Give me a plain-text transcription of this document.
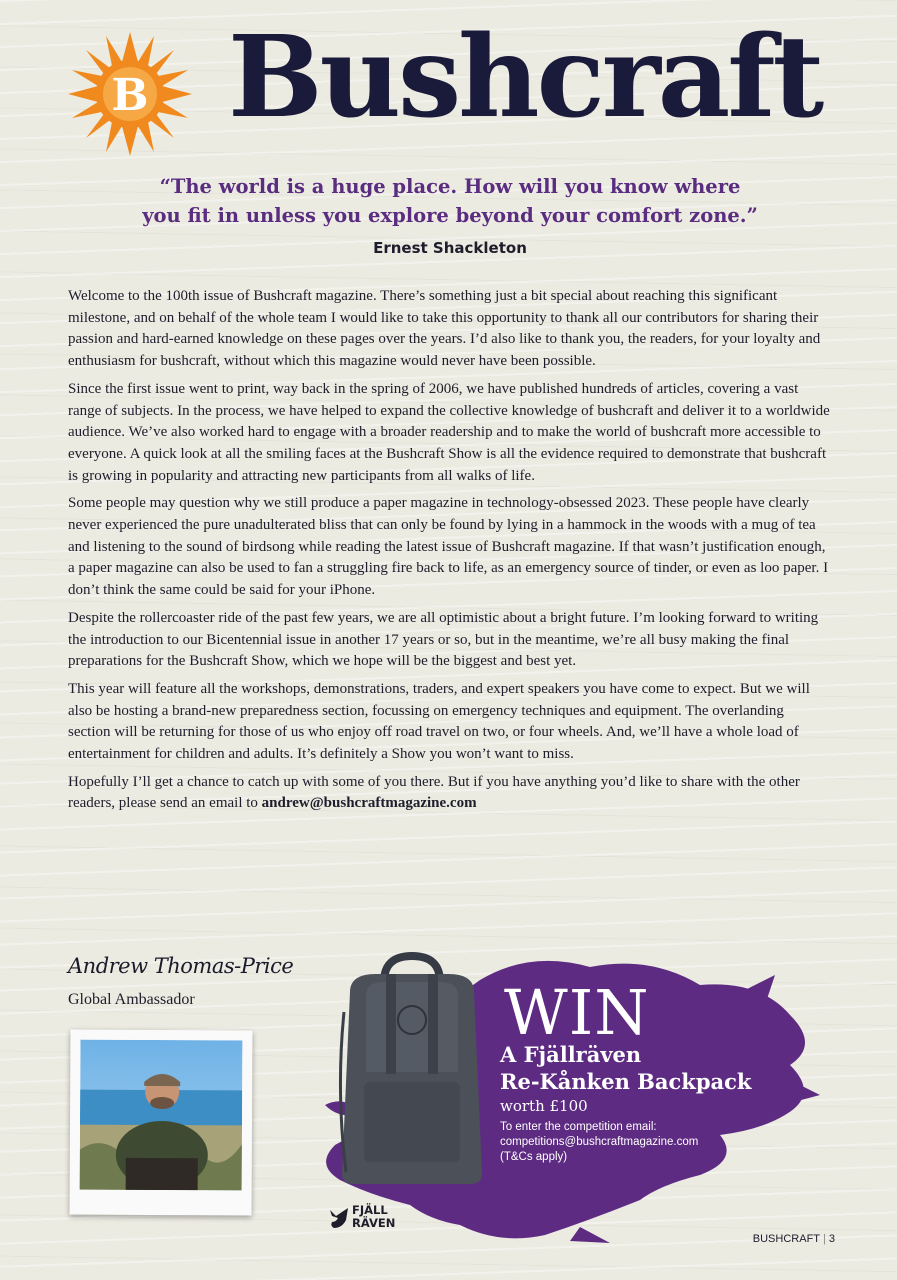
B Bushcraft
“The world is a huge place. How will you know where
you fit in unless you explore beyond your comfort zone.”
Ernest Shackleton

Welcome to the 100th issue of Bushcraft magazine. There’s something just a bit special about reaching this significant milestone, and on behalf of the whole team I would like to take this opportunity to thank all our contributors for sharing their passion and hard-earned knowledge on these pages over the years. I’d also like to thank you, the readers, for your loyalty and enthusiasm for bushcraft, without which this magazine would never have been possible.

Since the first issue went to print, way back in the spring of 2006, we have published hundreds of articles, covering a vast range of subjects. In the process, we have helped to expand the collective knowledge of bushcraft and deliver it to a worldwide audience. We’ve also worked hard to engage with a broader readership and to make the world of bushcraft more accessible to everyone. A quick look at all the smiling faces at the Bushcraft Show is all the evidence required to demonstrate that bushcraft is growing in popularity and attracting new participants from all walks of life.

Some people may question why we still produce a paper magazine in technology-obsessed 2023. These people have clearly never experienced the pure unadulterated bliss that can only be found by lying in a hammock in the woods with a mug of tea and listening to the sound of birdsong while reading the latest issue of Bushcraft magazine. If that wasn’t justification enough, a paper magazine can also be used to fan a struggling fire back to life, as an emergency source of tinder, or even as loo paper. I don’t think the same could be said for your iPhone.

Despite the rollercoaster ride of the past few years, we are all optimistic about a bright future. I’m looking forward to writing the introduction to our Bicentennial issue in another 17 years or so, but in the meantime, we’re all busy making the final preparations for the Bushcraft Show, which we hope will be the biggest and best yet.

This year will feature all the workshops, demonstrations, traders, and expert speakers you have come to expect. But we will also be hosting a brand-new preparedness section, focussing on emergency techniques and equipment. The overlanding section will be returning for those of us who enjoy off road travel on two, or four wheels. And, we’ll have a whole load of entertainment for children and adults. It’s definitely a Show you won’t want to miss.

Hopefully I’ll get a chance to catch up with some of you there. But if you have anything you’d like to share with the other readers, please send an email to andrew@bushcraftmagazine.com

Andrew Thomas-Price
Global Ambassador	WIN
A Fjällräven
Re-Kånken Backpack
worth £100
To enter the competition email:
competitions@bushcraftmagazine.com
(T&Cs apply)
FJÄLL
RÄVEN
BUSHCRAFT | 3
